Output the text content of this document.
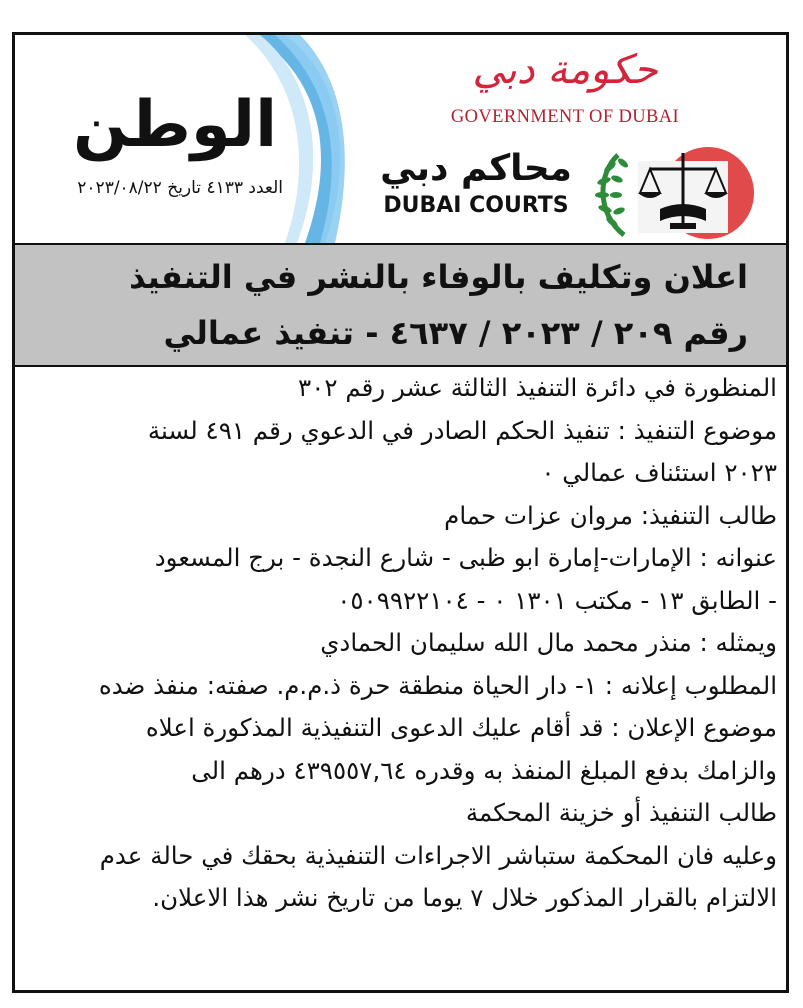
الوطن
العدد ٤١٣٣ تاريخ ٢٠٢٣/٠٨/٢٢
حكومة دبي
GOVERNMENT OF DUBAI
محاكم دبي
DUBAI COURTS
اعلان وتكليف بالوفاء بالنشر في التنفيذ
رقم ٢٠٩ / ٢٠٢٣ / ٤٦٣٧ - تنفيذ عمالي
المنظورة في دائرة التنفيذ الثالثة عشر رقم ٣٠٢
موضوع التنفيذ : تنفيذ الحكم الصادر في الدعوي رقم ٤٩١ لسنة
٢٠٢٣ استئناف عمالي ٠
طالب التنفيذ: مروان عزات حمام
عنوانه : الإمارات-إمارة ابو ظبى - شارع النجدة - برج المسعود
- الطابق ١٣ - مكتب ١٣٠١ ٠ - ٠٥٠٩٩٢٢١٠٤
ويمثله : منذر محمد مال الله سليمان الحمادي
المطلوب إعلانه : ١- دار الحياة منطقة حرة ذ.م.م. صفته: منفذ ضده
موضوع الإعلان : قد أقام عليك الدعوى التنفيذية المذكورة اعلاه
والزامك بدفع المبلغ المنفذ به وقدره ٤٣٩٥٥٧,٦٤ درهم الى
طالب التنفيذ أو خزينة المحكمة
وعليه فان المحكمة ستباشر الاجراءات التنفيذية بحقك في حالة عدم
الالتزام بالقرار المذكور خلال ٧ يوما من تاريخ نشر هذا الاعلان.
